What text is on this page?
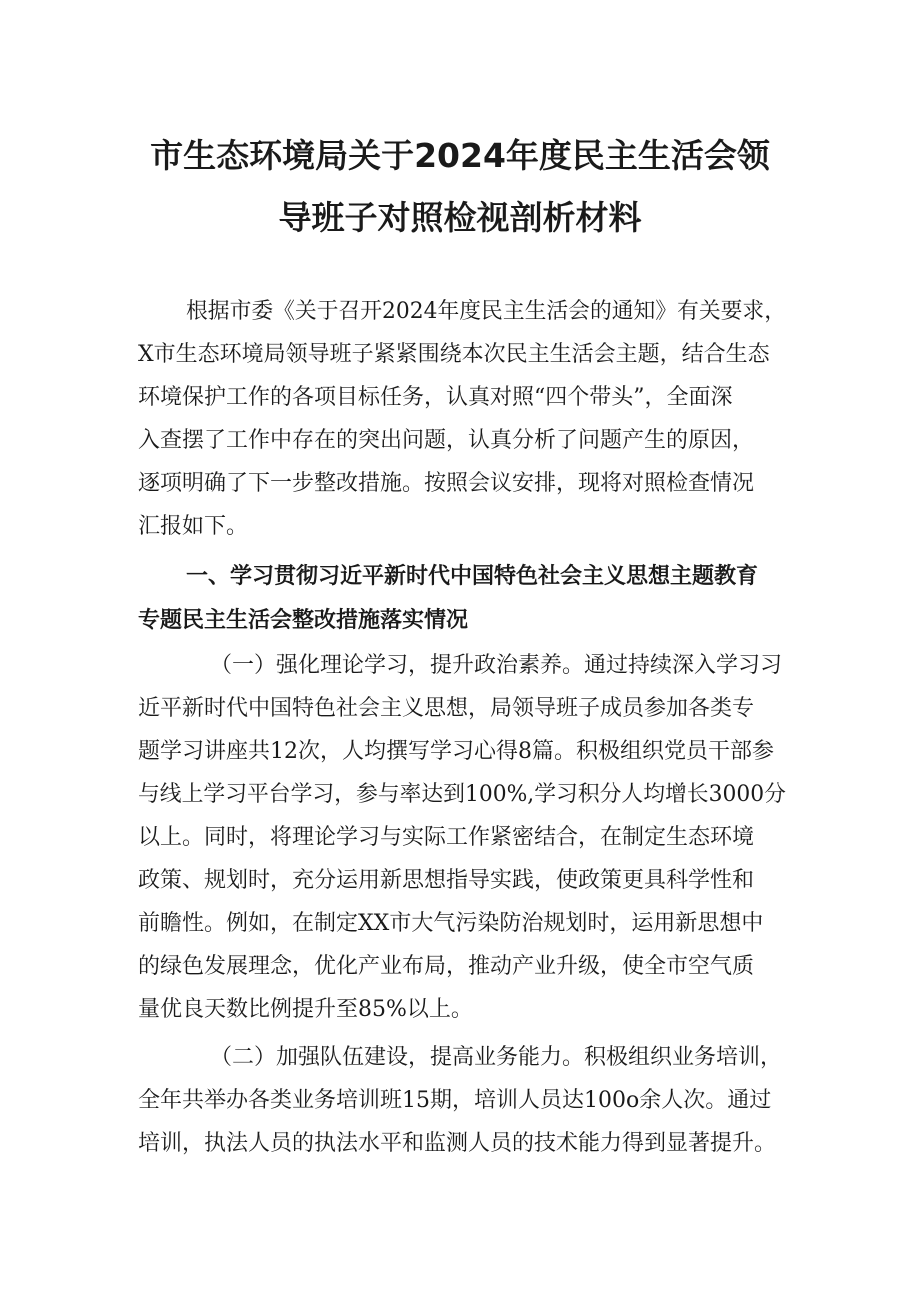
市生态环境局关于2024年度民主生活会领
导班子对照检视剖析材料
根据市委《关于召开2024年度民主生活会的通知》有关要求，
X市生态环境局领导班子紧紧围绕本次民主生活会主题，结合生态
环境保护工作的各项目标任务，认真对照“四个带头”，全面深
入查摆了工作中存在的突出问题，认真分析了问题产生的原因，
逐项明确了下一步整改措施。按照会议安排，现将对照检查情况
汇报如下。
一、学习贯彻习近平新时代中国特色社会主义思想主题教育
专题民主生活会整改措施落实情况
（一）强化理论学习，提升政治素养。通过持续深入学习习
近平新时代中国特色社会主义思想，局领导班子成员参加各类专
题学习讲座共12次，人均撰写学习心得8篇。积极组织党员干部参
与线上学习平台学习，参与率达到100%,学习积分人均增长3000分
以上。同时，将理论学习与实际工作紧密结合，在制定生态环境
政策、规划时，充分运用新思想指导实践，使政策更具科学性和
前瞻性。例如，在制定XX市大气污染防治规划时，运用新思想中
的绿色发展理念，优化产业布局，推动产业升级，使全市空气质
量优良天数比例提升至85%以上。
（二）加强队伍建设，提高业务能力。积极组织业务培训，
全年共举办各类业务培训班15期，培训人员达100o余人次。通过
培训，执法人员的执法水平和监测人员的技术能力得到显著提升。
